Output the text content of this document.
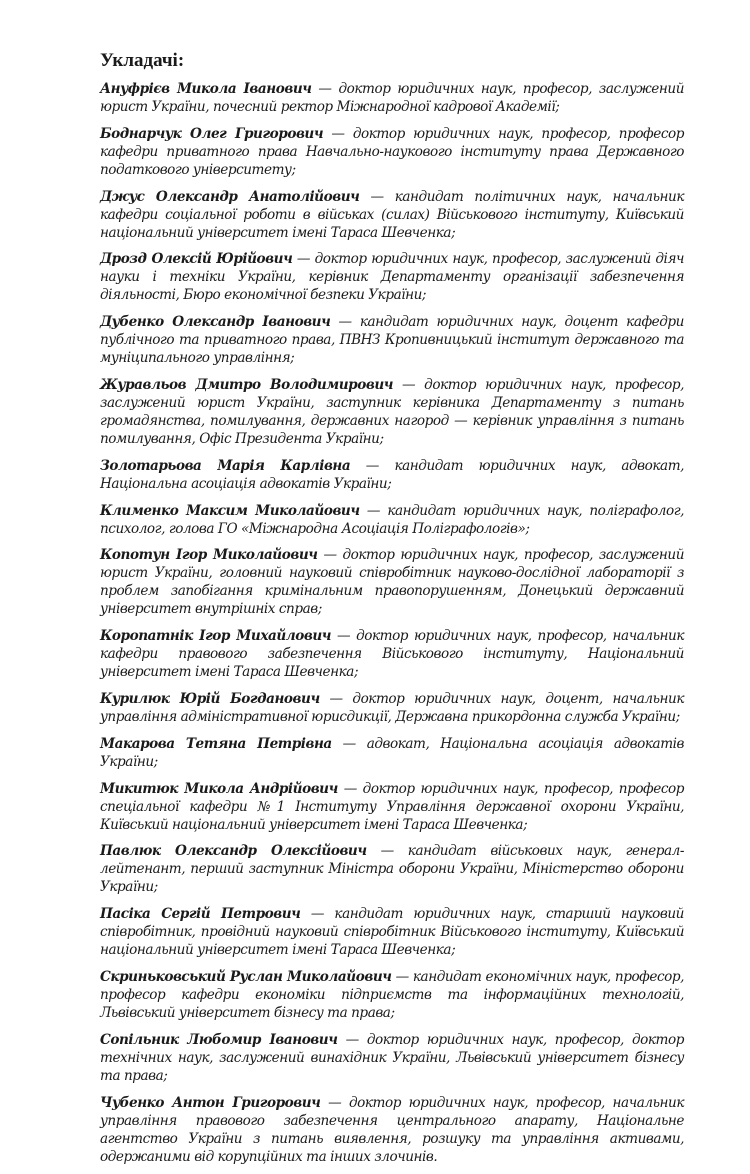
Укладачі:

Ануфрієв Микола Іванович — доктор юридичних наук, професор, заслужений юрист України, почесний ректор Міжнародної кадрової Академії;

Боднарчук Олег Григорович — доктор юридичних наук, професор, професор кафедри приватного права Навчально-наукового інституту права Державного податкового університету;

Джус Олександр Анатолійович — кандидат політичних наук, начальник кафедри соціальної роботи в військах (силах) Військового інституту, Київський національний університет імені Тараса Шевченка;

Дрозд Олексій Юрійович — доктор юридичних наук, професор, заслужений діяч науки і техніки України, керівник Департаменту організації забезпечення діяльності, Бюро економічної безпеки України;

Дубенко Олександр Іванович — кандидат юридичних наук, доцент кафедри публічного та приватного права, ПВНЗ Кропивницький інститут державного та муніципального управління;

Журавльов Дмитро Володимирович — доктор юридичних наук, професор, заслужений юрист України, заступник керівника Департаменту з питань громадянства, помилування, державних нагород — керівник управління з питань помилування, Офіс Президента України;

Золотарьова Марія Карлівна — кандидат юридичних наук, адвокат, Національна асоціація адвокатів України;

Клименко Максим Миколайович — кандидат юридичних наук, поліграфолог, психолог, голова ГО «Міжнародна Асоціація Поліграфологів»;

Копотун Ігор Миколайович — доктор юридичних наук, професор, заслужений юрист України, головний науковий співробітник науково-дослідної лабораторії з проблем запобігання кримінальним правопорушенням, Донецький державний університет внутрішніх справ;

Коропатнік Ігор Михайлович — доктор юридичних наук, професор, начальник кафедри правового забезпечення Військового інституту, Національний університет імені Тараса Шевченка;

Курилюк Юрій Богданович — доктор юридичних наук, доцент, начальник управління адміністративної юрисдикції, Державна прикордонна служба України;

Макарова Тетяна Петрівна — адвокат, Національна асоціація адвокатів України;

Микитюк Микола Андрійович — доктор юридичних наук, професор, професор спеціальної кафедри №1 Інституту Управління державної охорони України, Київський національний університет імені Тараса Шевченка;

Павлюк Олександр Олексійович — кандидат військових наук, генерал-лейтенант, перший заступник Міністра оборони України, Міністерство оборони України;

Пасіка Сергій Петрович — кандидат юридичних наук, старший науковий співробітник, провідний науковий співробітник Військового інституту, Київський національний університет імені Тараса Шевченка;

Скриньковський Руслан Миколайович — кандидат економічних наук, професор, професор кафедри економіки підприємств та інформаційних технологій, Львівський університет бізнесу та права;

Сопільник Любомир Іванович — доктор юридичних наук, професор, доктор технічних наук, заслужений винахідник України, Львівський університет бізнесу та права;

Чубенко Антон Григорович — доктор юридичних наук, професор, начальник управління правового забезпечення центрального апарату, Національне агентство України з питань виявлення, розшуку та управління активами, одержаними від корупційних та інших злочинів.
